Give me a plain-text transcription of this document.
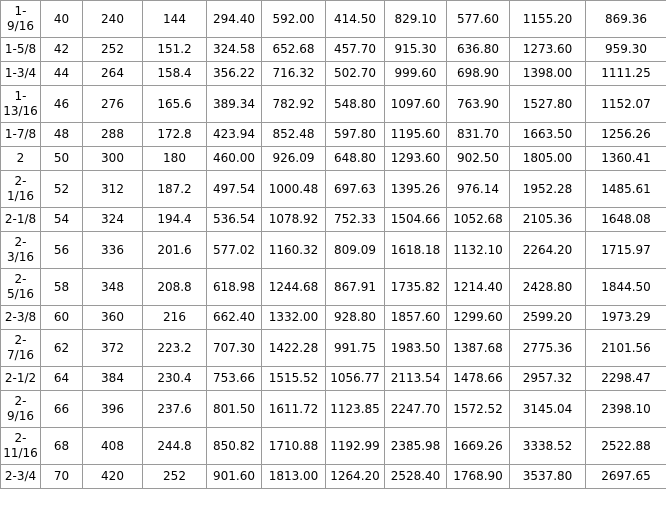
1-9/16	40	240	144	294.40	592.00	414.50	829.10	577.60	1155.20	869.36
1-5/8	42	252	151.2	324.58	652.68	457.70	915.30	636.80	1273.60	959.30
1-3/4	44	264	158.4	356.22	716.32	502.70	999.60	698.90	1398.00	1111.25
1-13/16	46	276	165.6	389.34	782.92	548.80	1097.60	763.90	1527.80	1152.07
1-7/8	48	288	172.8	423.94	852.48	597.80	1195.60	831.70	1663.50	1256.26
2	50	300	180	460.00	926.09	648.80	1293.60	902.50	1805.00	1360.41
2-1/16	52	312	187.2	497.54	1000.48	697.63	1395.26	976.14	1952.28	1485.61
2-1/8	54	324	194.4	536.54	1078.92	752.33	1504.66	1052.68	2105.36	1648.08
2-3/16	56	336	201.6	577.02	1160.32	809.09	1618.18	1132.10	2264.20	1715.97
2-5/16	58	348	208.8	618.98	1244.68	867.91	1735.82	1214.40	2428.80	1844.50
2-3/8	60	360	216	662.40	1332.00	928.80	1857.60	1299.60	2599.20	1973.29
2-7/16	62	372	223.2	707.30	1422.28	991.75	1983.50	1387.68	2775.36	2101.56
2-1/2	64	384	230.4	753.66	1515.52	1056.77	2113.54	1478.66	2957.32	2298.47
2-9/16	66	396	237.6	801.50	1611.72	1123.85	2247.70	1572.52	3145.04	2398.10
2-11/16	68	408	244.8	850.82	1710.88	1192.99	2385.98	1669.26	3338.52	2522.88
2-3/4	70	420	252	901.60	1813.00	1264.20	2528.40	1768.90	3537.80	2697.65
